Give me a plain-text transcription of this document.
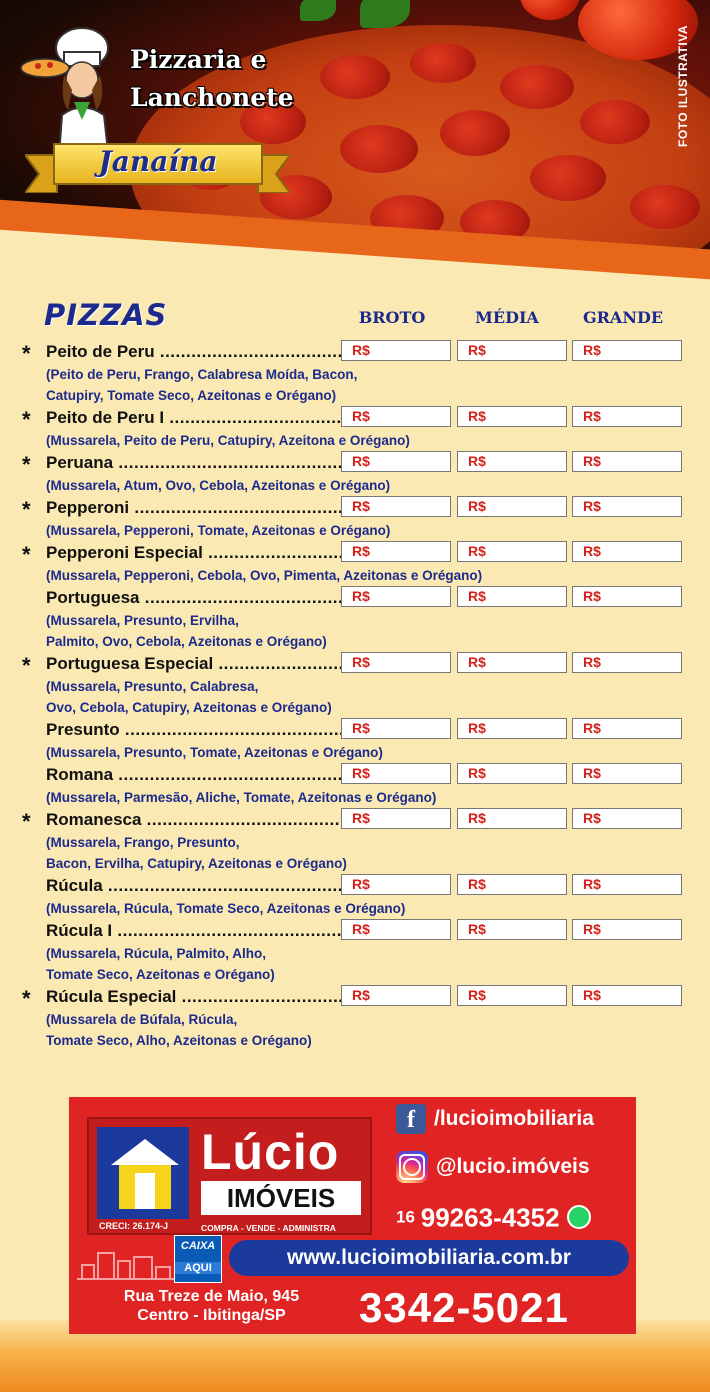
FOTO ILUSTRATIVA
Pizzaria e
Lanchonete
Janaína
PIZZAS	BROTO	MÉDIA	GRANDE
* Peito de Peru .....	R$	R$	R$
(Peito de Peru, Frango, Calabresa Moída, Bacon,
Catupiry, Tomate Seco, Azeitonas e Orégano)
* Peito de Peru I .....	R$	R$	R$
(Mussarela, Peito de Peru, Catupiry, Azeitona e Orégano)
* Peruana .....	R$	R$	R$
(Mussarela, Atum, Ovo, Cebola, Azeitonas e Orégano)
* Pepperoni .....	R$	R$	R$
(Mussarela, Pepperoni, Tomate, Azeitonas e Orégano)
* Pepperoni Especial .....	R$	R$	R$
(Mussarela, Pepperoni, Cebola, Ovo, Pimenta, Azeitonas e Orégano)
Portuguesa .....	R$	R$	R$
(Mussarela, Presunto, Ervilha,
Palmito, Ovo, Cebola, Azeitonas e Orégano)
* Portuguesa Especial .....	R$	R$	R$
(Mussarela, Presunto, Calabresa,
Ovo, Cebola, Catupiry, Azeitonas e Orégano)
Presunto .....	R$	R$	R$
(Mussarela, Presunto, Tomate, Azeitonas e Orégano)
Romana .....	R$	R$	R$
(Mussarela, Parmesão, Aliche, Tomate, Azeitonas e Orégano)
* Romanesca .....	R$	R$	R$
(Mussarela, Frango, Presunto,
Bacon, Ervilha, Catupiry, Azeitonas e Orégano)
Rúcula .....	R$	R$	R$
(Mussarela, Rúcula, Tomate Seco, Azeitonas e Orégano)
Rúcula I .....	R$	R$	R$
(Mussarela, Rúcula, Palmito, Alho,
Tomate Seco, Azeitonas e Orégano)
* Rúcula Especial .....	R$	R$	R$
(Mussarela de Búfala, Rúcula,
Tomate Seco, Alho, Azeitonas e Orégano)
Lúcio
IMÓVEIS
CRECI: 26.174-J	COMPRA - VENDE - ADMINISTRA
f /lucioimobiliaria
@lucio.imóveis
16 99263-4352
CAIXA
AQUI	www.lucioimobiliaria.com.br
Rua Treze de Maio, 945
Centro - Ibitinga/SP	3342-5021
